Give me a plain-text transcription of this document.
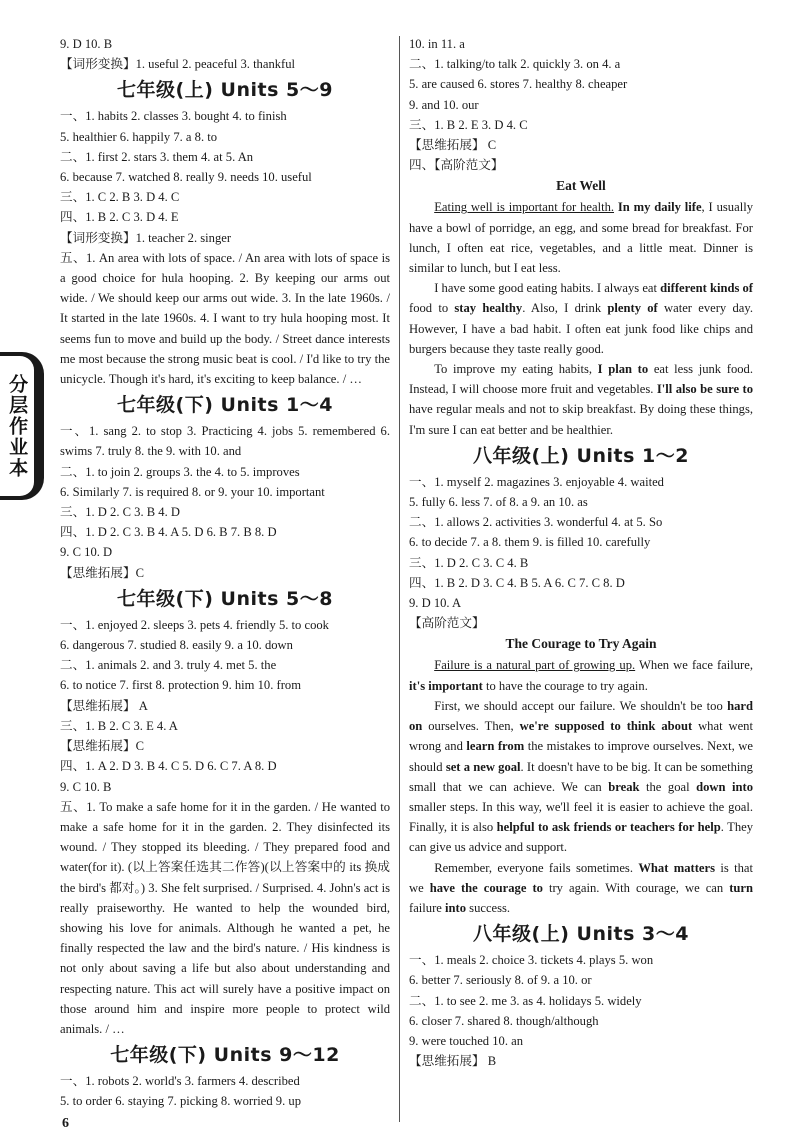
分层作业本
9. D 10. B
【词形变换】1. useful 2. peaceful 3. thankful
七年级(上) Units 5～9
一、1. habits 2. classes 3. bought 4. to finish
5. healthier 6. happily 7. a 8. to
二、1. first 2. stars 3. them 4. at 5. An
6. because 7. watched 8. really 9. needs 10. useful
三、1. C 2. B 3. D 4. C
四、1. B 2. C 3. D 4. E
【词形变换】1. teacher 2. singer
五、1. An area with lots of space. / An area with lots of space is a good choice for hula hooping. 2. By keeping our arms out wide. / We should keep our arms out wide. 3. In the late 1960s. / It started in the late 1960s. 4. I want to try hula hooping most. It seems fun to move and build up the body. / Street dance interests me most because the strong music beat is cool. / I'd like to try the unicycle. Though it's hard, it's exciting to keep balance. / …
七年级(下) Units 1～4
一、1. sang 2. to stop 3. Practicing 4. jobs 5. remembered 6. swims 7. truly 8. the 9. with 10. and
二、1. to join 2. groups 3. the 4. to 5. improves
6. Similarly 7. is required 8. or 9. your 10. important
三、1. D 2. C 3. B 4. D
四、1. D 2. C 3. B 4. A 5. D 6. B 7. B 8. D
9. C 10. D
【思维拓展】C
七年级(下) Units 5～8
一、1. enjoyed 2. sleeps 3. pets 4. friendly 5. to cook
6. dangerous 7. studied 8. easily 9. a 10. down
二、1. animals 2. and 3. truly 4. met 5. the
6. to notice 7. first 8. protection 9. him 10. from
【思维拓展】 A
三、1. B 2. C 3. E 4. A
【思维拓展】C
四、1. A 2. D 3. B 4. C 5. D 6. C 7. A 8. D
9. C 10. B
五、1. To make a safe home for it in the garden. / He wanted to make a safe home for it in the garden. 2. They disinfected its wound. / They stopped its bleeding. / They prepared food and water(for it). (以上答案任选其二作答)(以上答案中的 its 换成 the bird's 都对。) 3. She felt surprised. / Surprised. 4. John's act is really praiseworthy. He wanted to help the wounded bird, showing his love for animals. Although he wanted a pet, he finally respected the law and the bird's nature. / His kindness is not only about saving a life but also about understanding and respecting nature. This act will surely have a positive impact on those around him and inspire more people to protect wild animals. / …
七年级(下) Units 9～12
一、1. robots 2. world's 3. farmers 4. described
5. to order 6. staying 7. picking 8. worried 9. up
10. in 11. a
二、1. talking/to talk 2. quickly 3. on 4. a
5. are caused 6. stores 7. healthy 8. cheaper
9. and 10. our
三、1. B 2. E 3. D 4. C
【思维拓展】 C
四、【高阶范文】
Eat Well
Eating well is important for health. In my daily life, I usually have a bowl of porridge, an egg, and some bread for breakfast. For lunch, I often eat rice, vegetables, and a little meat. Dinner is similar to lunch, but I eat less.
I have some good eating habits. I always eat different kinds of food to stay healthy. Also, I drink plenty of water every day. However, I have a bad habit. I often eat junk food like chips and burgers because they taste really good.
To improve my eating habits, I plan to eat less junk food. Instead, I will choose more fruit and vegetables. I'll also be sure to have regular meals and not to skip breakfast. By doing these things, I'm sure I can eat better and be healthier.
八年级(上) Units 1～2
一、1. myself 2. magazines 3. enjoyable 4. waited
5. fully 6. less 7. of 8. a 9. an 10. as
二、1. allows 2. activities 3. wonderful 4. at 5. So
6. to decide 7. a 8. them 9. is filled 10. carefully
三、1. D 2. C 3. C 4. B
四、1. B 2. D 3. C 4. B 5. A 6. C 7. C 8. D
9. D 10. A
【高阶范文】
The Courage to Try Again
Failure is a natural part of growing up. When we face failure, it's important to have the courage to try again.
First, we should accept our failure. We shouldn't be too hard on ourselves. Then, we're supposed to think about what went wrong and learn from the mistakes to improve ourselves. Next, we should set a new goal. It doesn't have to be big. It can be something small that we can achieve. We can break the goal down into smaller steps. In this way, we'll feel it is easier to achieve the goal. Finally, it is also helpful to ask friends or teachers for help. They can give us advice and support.
Remember, everyone fails sometimes. What matters is that we have the courage to try again. With courage, we can turn failure into success.
八年级(上) Units 3～4
一、1. meals 2. choice 3. tickets 4. plays 5. won
6. better 7. seriously 8. of 9. a 10. or
二、1. to see 2. me 3. as 4. holidays 5. widely
6. closer 7. shared 8. though/although
9. were touched 10. an
【思维拓展】 B
6
